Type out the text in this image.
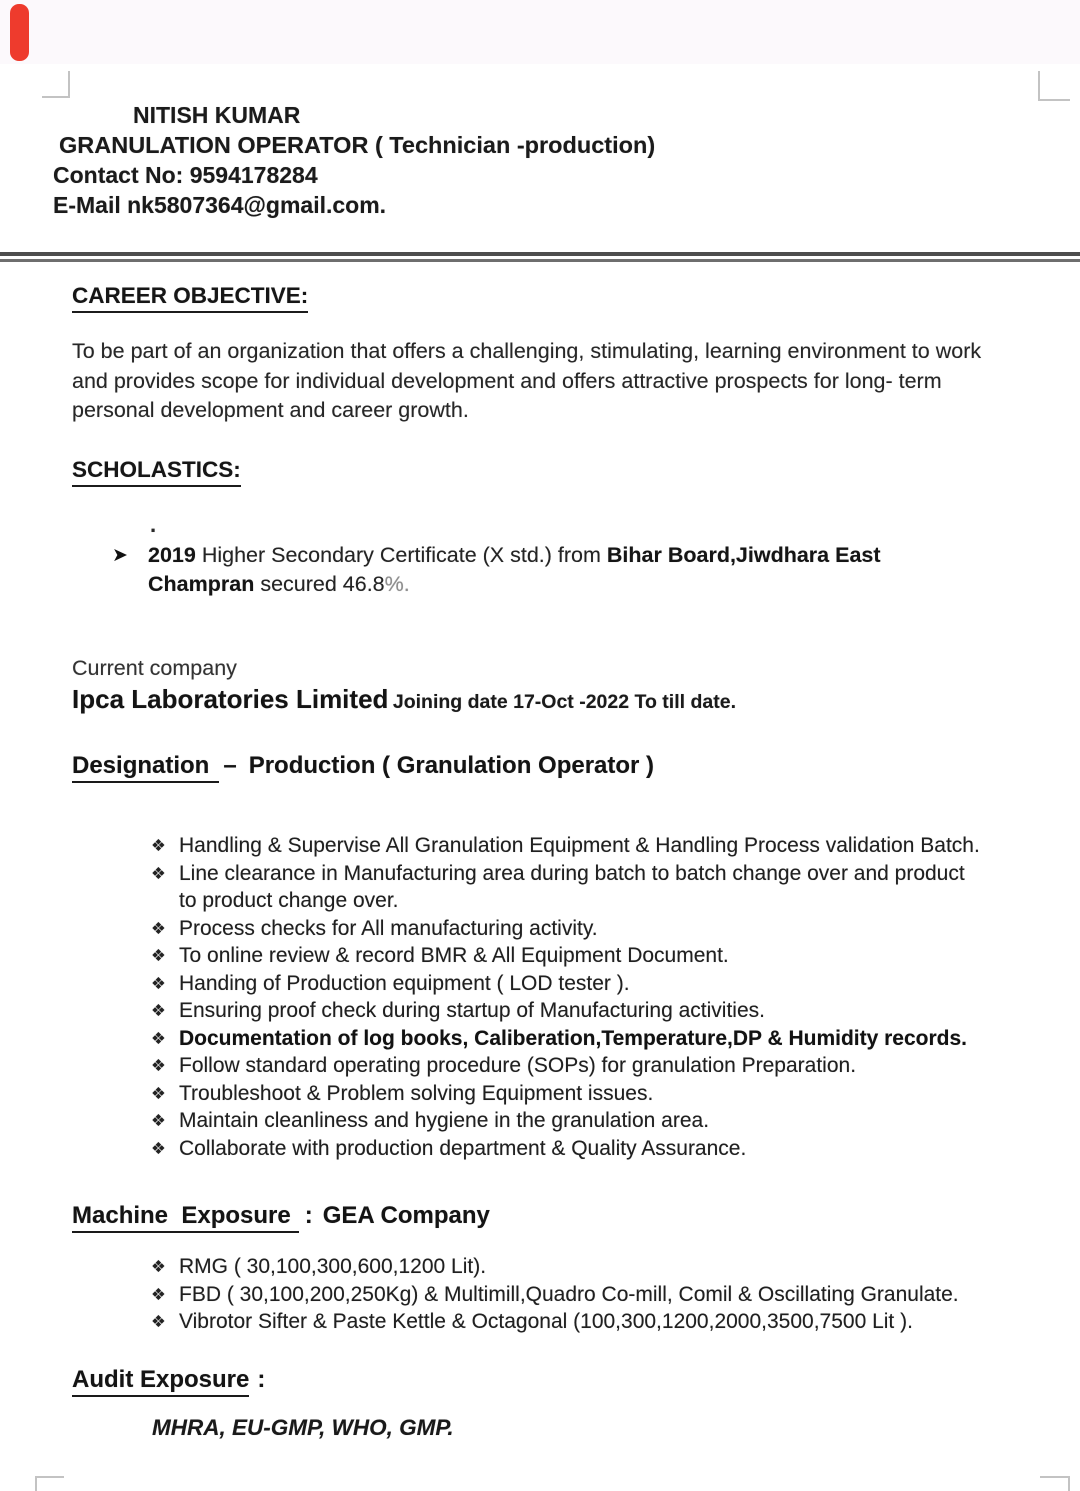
NITISH KUMAR
GRANULATION OPERATOR ( Technician -production)
Contact No: 9594178284
E-Mail nk5807364@gmail.com.
CAREER OBJECTIVE:
To be part of an organization that offers a challenging, stimulating, learning environment to work and provides scope for individual development and offers attractive prospects for long- term personal development and career growth.
SCHOLASTICS:
.
➤ 2019 Higher Secondary Certificate (X std.) from Bihar Board,Jiwdhara East Champran secured 46.8%.
Current company
Ipca Laboratories Limited Joining date 17-Oct -2022 To till date.
Designation – Production ( Granulation Operator )
❖ Handling & Supervise All Granulation Equipment & Handling Process validation Batch.
❖ Line clearance in Manufacturing area during batch to batch change over and product to product change over.
❖ Process checks for All manufacturing activity.
❖ To online review & record BMR & All Equipment Document.
❖ Handing of Production equipment ( LOD tester ).
❖ Ensuring proof check during startup of Manufacturing activities.
❖ Documentation of log books, Caliberation,Temperature,DP & Humidity records.
❖ Follow standard operating procedure (SOPs) for granulation Preparation.
❖ Troubleshoot & Problem solving Equipment issues.
❖ Maintain cleanliness and hygiene in the granulation area.
❖ Collaborate with production department & Quality Assurance.
Machine  Exposure : GEA Company
❖ RMG ( 30,100,300,600,1200 Lit).
❖ FBD ( 30,100,200,250Kg) & Multimill,Quadro Co-mill, Comil & Oscillating Granulate.
❖ Vibrotor Sifter & Paste Kettle & Octagonal (100,300,1200,2000,3500,7500 Lit ).
Audit Exposure :
MHRA, EU-GMP, WHO, GMP.
